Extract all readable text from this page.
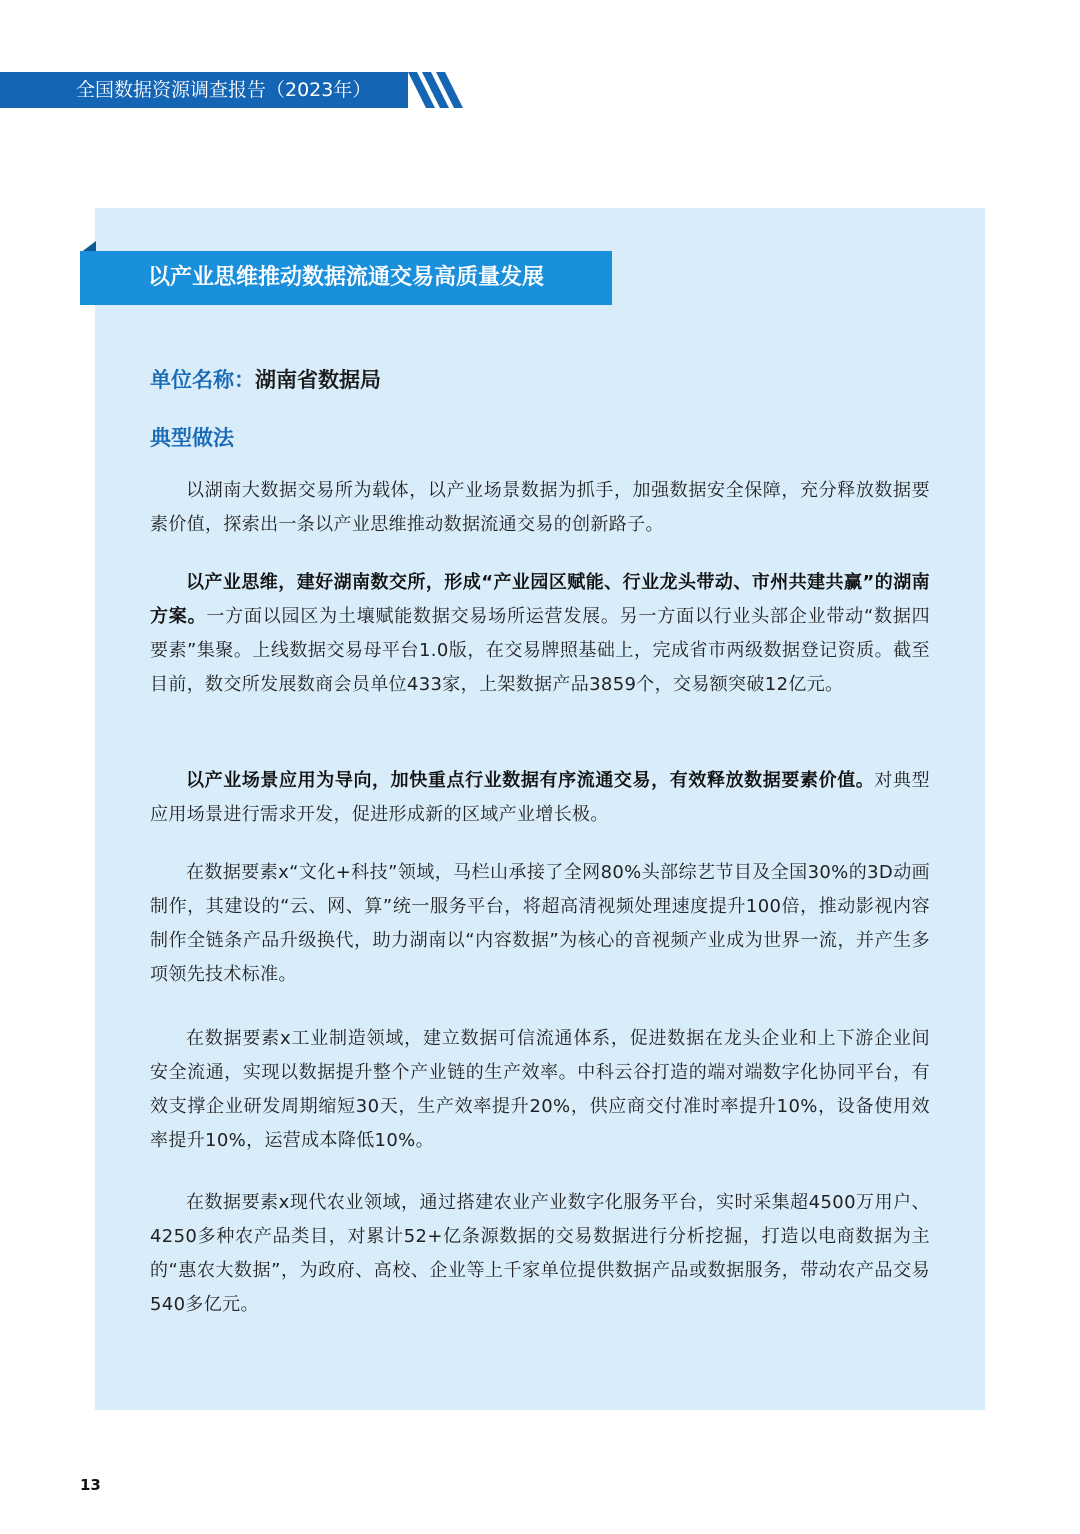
全国数据资源调查报告（2023年）
以产业思维推动数据流通交易高质量发展
单位名称：湖南省数据局
典型做法

以湖南大数据交易所为载体，以产业场景数据为抓手，加强数据安全保障，充分释放数据要素价值，探索出一条以产业思维推动数据流通交易的创新路子。

以产业思维，建好湖南数交所，形成“产业园区赋能、行业龙头带动、市州共建共赢”的湖南方案。一方面以园区为土壤赋能数据交易场所运营发展。另一方面以行业头部企业带动“数据四要素”集聚。上线数据交易母平台1.0版，在交易牌照基础上，完成省市两级数据登记资质。截至目前，数交所发展数商会员单位433家，上架数据产品3859个，交易额突破12亿元。

以产业场景应用为导向，加快重点行业数据有序流通交易，有效释放数据要素价值。对典型应用场景进行需求开发，促进形成新的区域产业增长极。

在数据要素x“文化+科技”领域，马栏山承接了全网80%头部综艺节目及全国30%的3D动画制作，其建设的“云、网、算”统一服务平台，将超高清视频处理速度提升100倍，推动影视内容制作全链条产品升级换代，助力湖南以“内容数据”为核心的音视频产业成为世界一流，并产生多项领先技术标准。

在数据要素x工业制造领域，建立数据可信流通体系，促进数据在龙头企业和上下游企业间安全流通，实现以数据提升整个产业链的生产效率。中科云谷打造的端对端数字化协同平台，有效支撑企业研发周期缩短30天，生产效率提升20%，供应商交付准时率提升10%，设备使用效率提升10%，运营成本降低10%。

在数据要素x现代农业领域，通过搭建农业产业数字化服务平台，实时采集超4500万用户、4250多种农产品类目，对累计52+亿条源数据的交易数据进行分析挖掘，打造以电商数据为主的“惠农大数据”，为政府、高校、企业等上千家单位提供数据产品或数据服务，带动农产品交易540多亿元。

13
